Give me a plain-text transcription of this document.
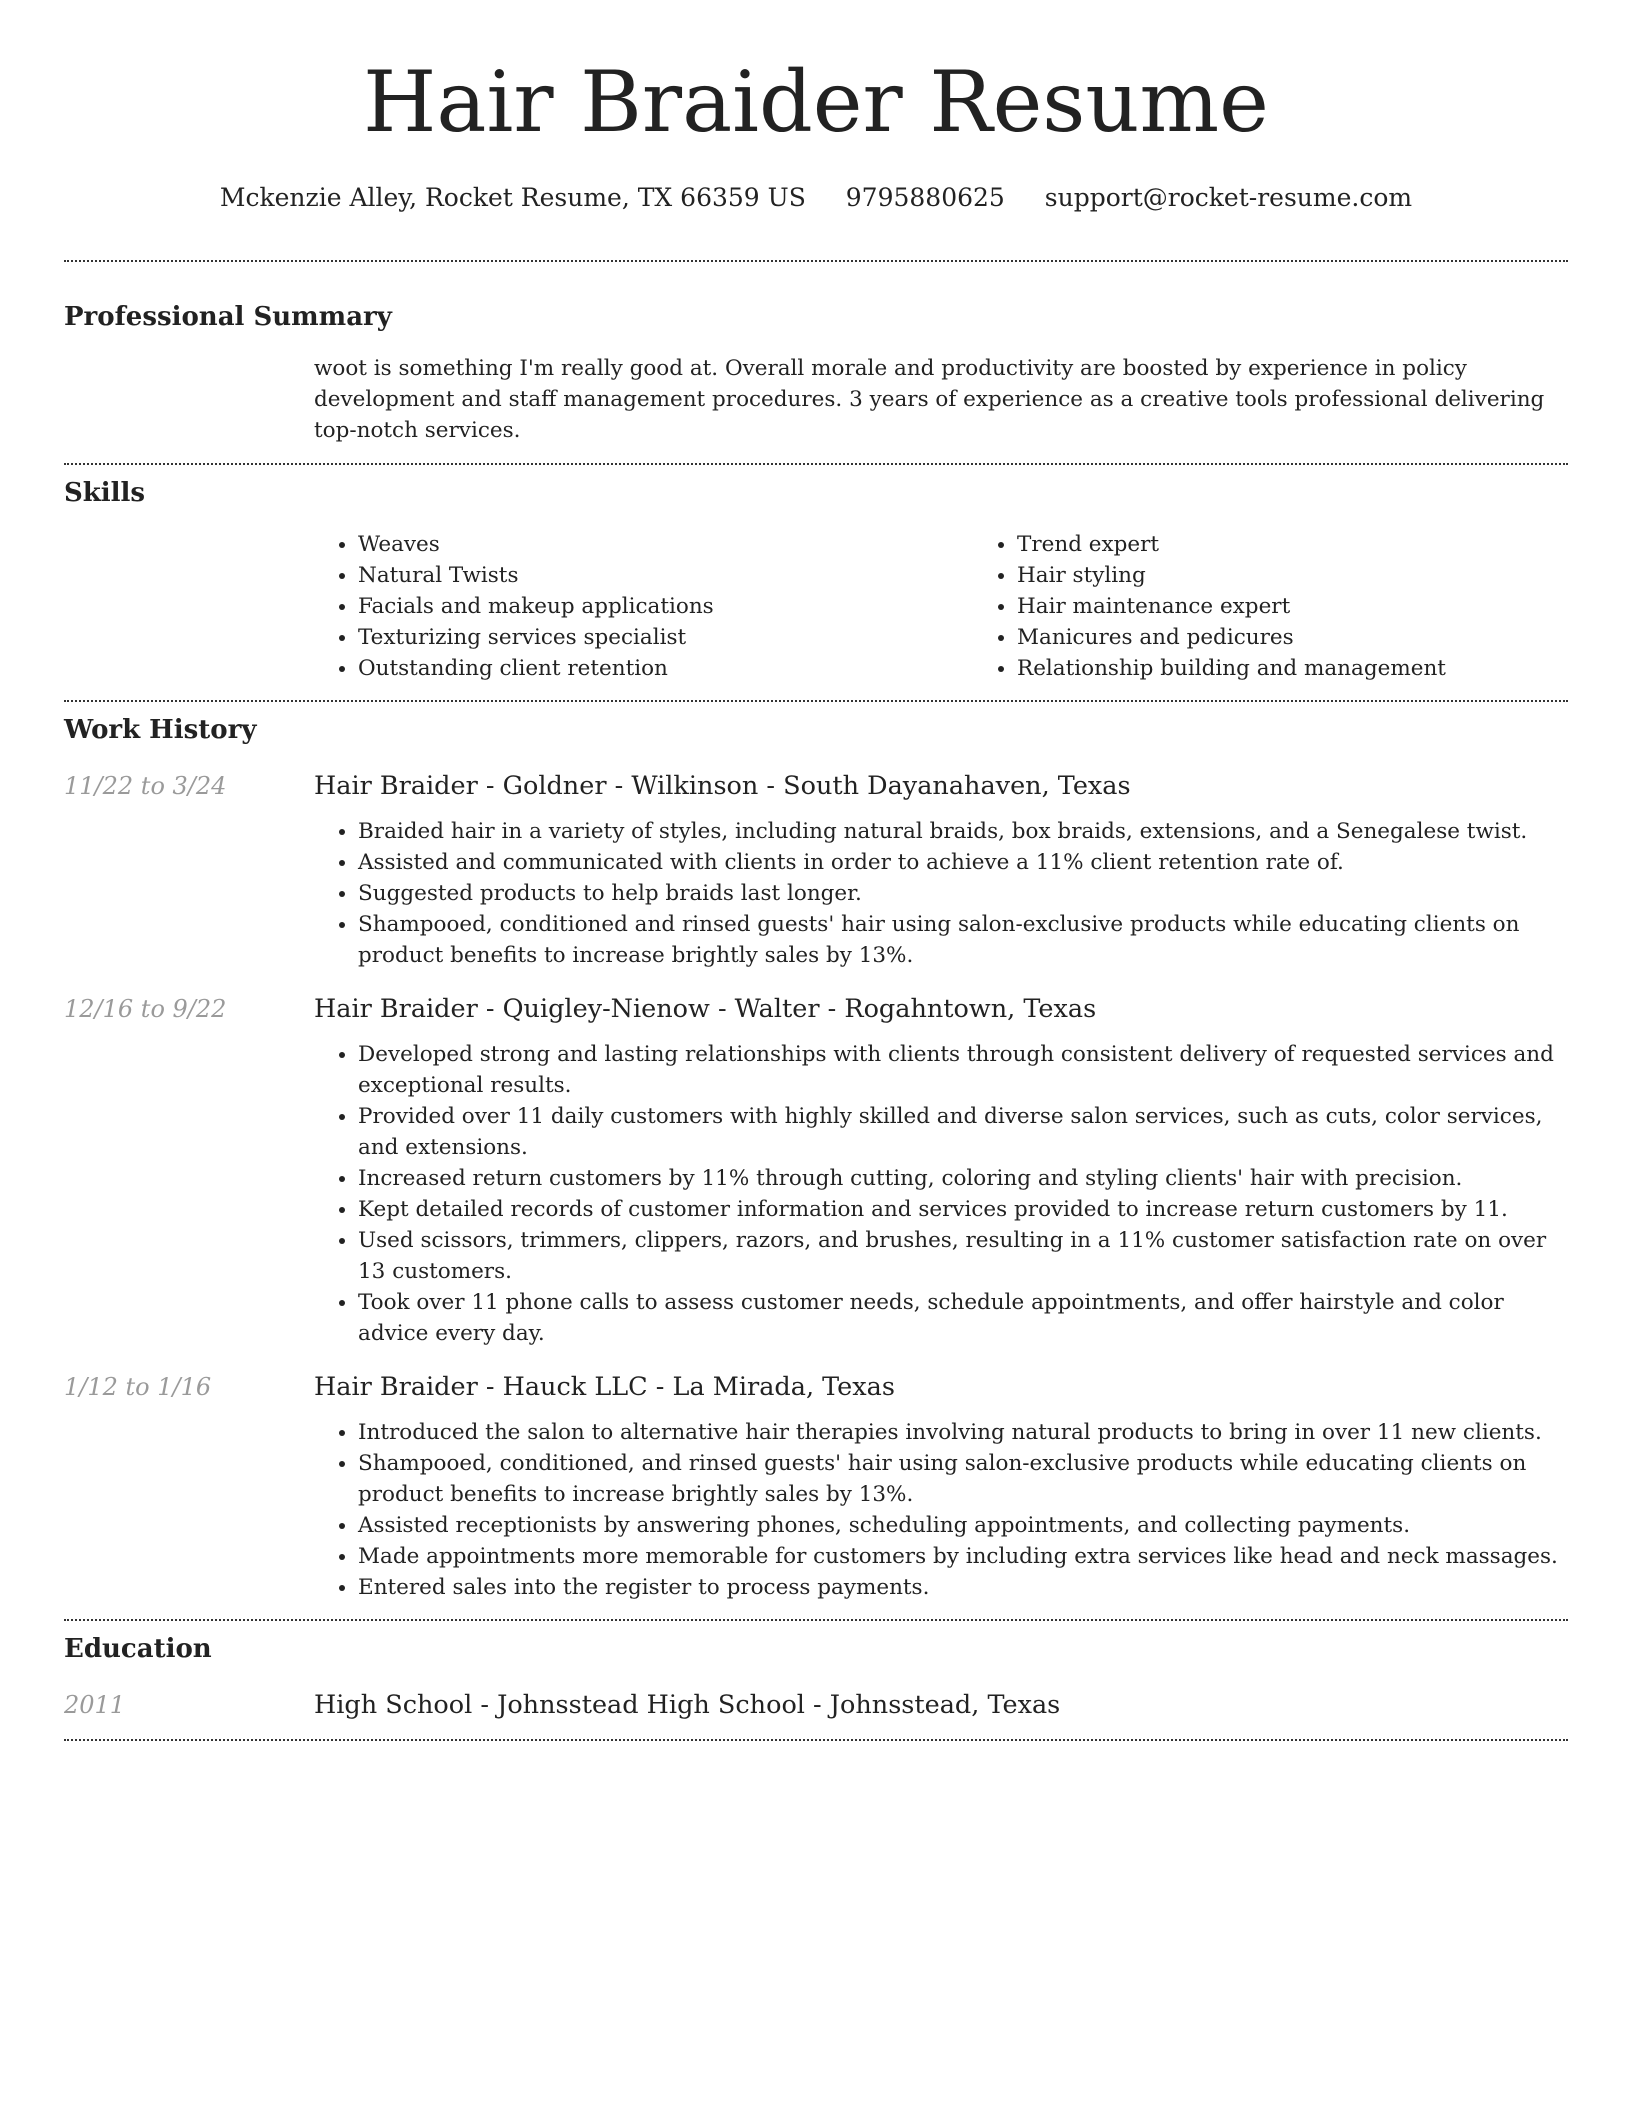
Hair Braider Resume
Mckenzie Alley, Rocket Resume, TX 66359 US 9795880625 support@rocket-resume.com
Professional Summary
woot is something I'm really good at. Overall morale and productivity are boosted by experience in policy development and staff management procedures. 3 years of experience as a creative tools professional delivering top-notch services.
Skills
• Weaves
• Natural Twists
• Facials and makeup applications
• Texturizing services specialist
• Outstanding client retention
• Trend expert
• Hair styling
• Hair maintenance expert
• Manicures and pedicures
• Relationship building and management
Work History
11/22 to 3/24	Hair Braider - Goldner - Wilkinson - South Dayanahaven, Texas
• Braided hair in a variety of styles, including natural braids, box braids, extensions, and a Senegalese twist.
• Assisted and communicated with clients in order to achieve a 11% client retention rate of.
• Suggested products to help braids last longer.
• Shampooed, conditioned and rinsed guests' hair using salon-exclusive products while educating clients on product benefits to increase brightly sales by 13%.
12/16 to 9/22	Hair Braider - Quigley-Nienow - Walter - Rogahntown, Texas
• Developed strong and lasting relationships with clients through consistent delivery of requested services and exceptional results.
• Provided over 11 daily customers with highly skilled and diverse salon services, such as cuts, color services, and extensions.
• Increased return customers by 11% through cutting, coloring and styling clients' hair with precision.
• Kept detailed records of customer information and services provided to increase return customers by 11.
• Used scissors, trimmers, clippers, razors, and brushes, resulting in a 11% customer satisfaction rate on over 13 customers.
• Took over 11 phone calls to assess customer needs, schedule appointments, and offer hairstyle and color advice every day.
1/12 to 1/16	Hair Braider - Hauck LLC - La Mirada, Texas
• Introduced the salon to alternative hair therapies involving natural products to bring in over 11 new clients.
• Shampooed, conditioned, and rinsed guests' hair using salon-exclusive products while educating clients on product benefits to increase brightly sales by 13%.
• Assisted receptionists by answering phones, scheduling appointments, and collecting payments.
• Made appointments more memorable for customers by including extra services like head and neck massages.
• Entered sales into the register to process payments.
Education
2011	High School - Johnsstead High School - Johnsstead, Texas
